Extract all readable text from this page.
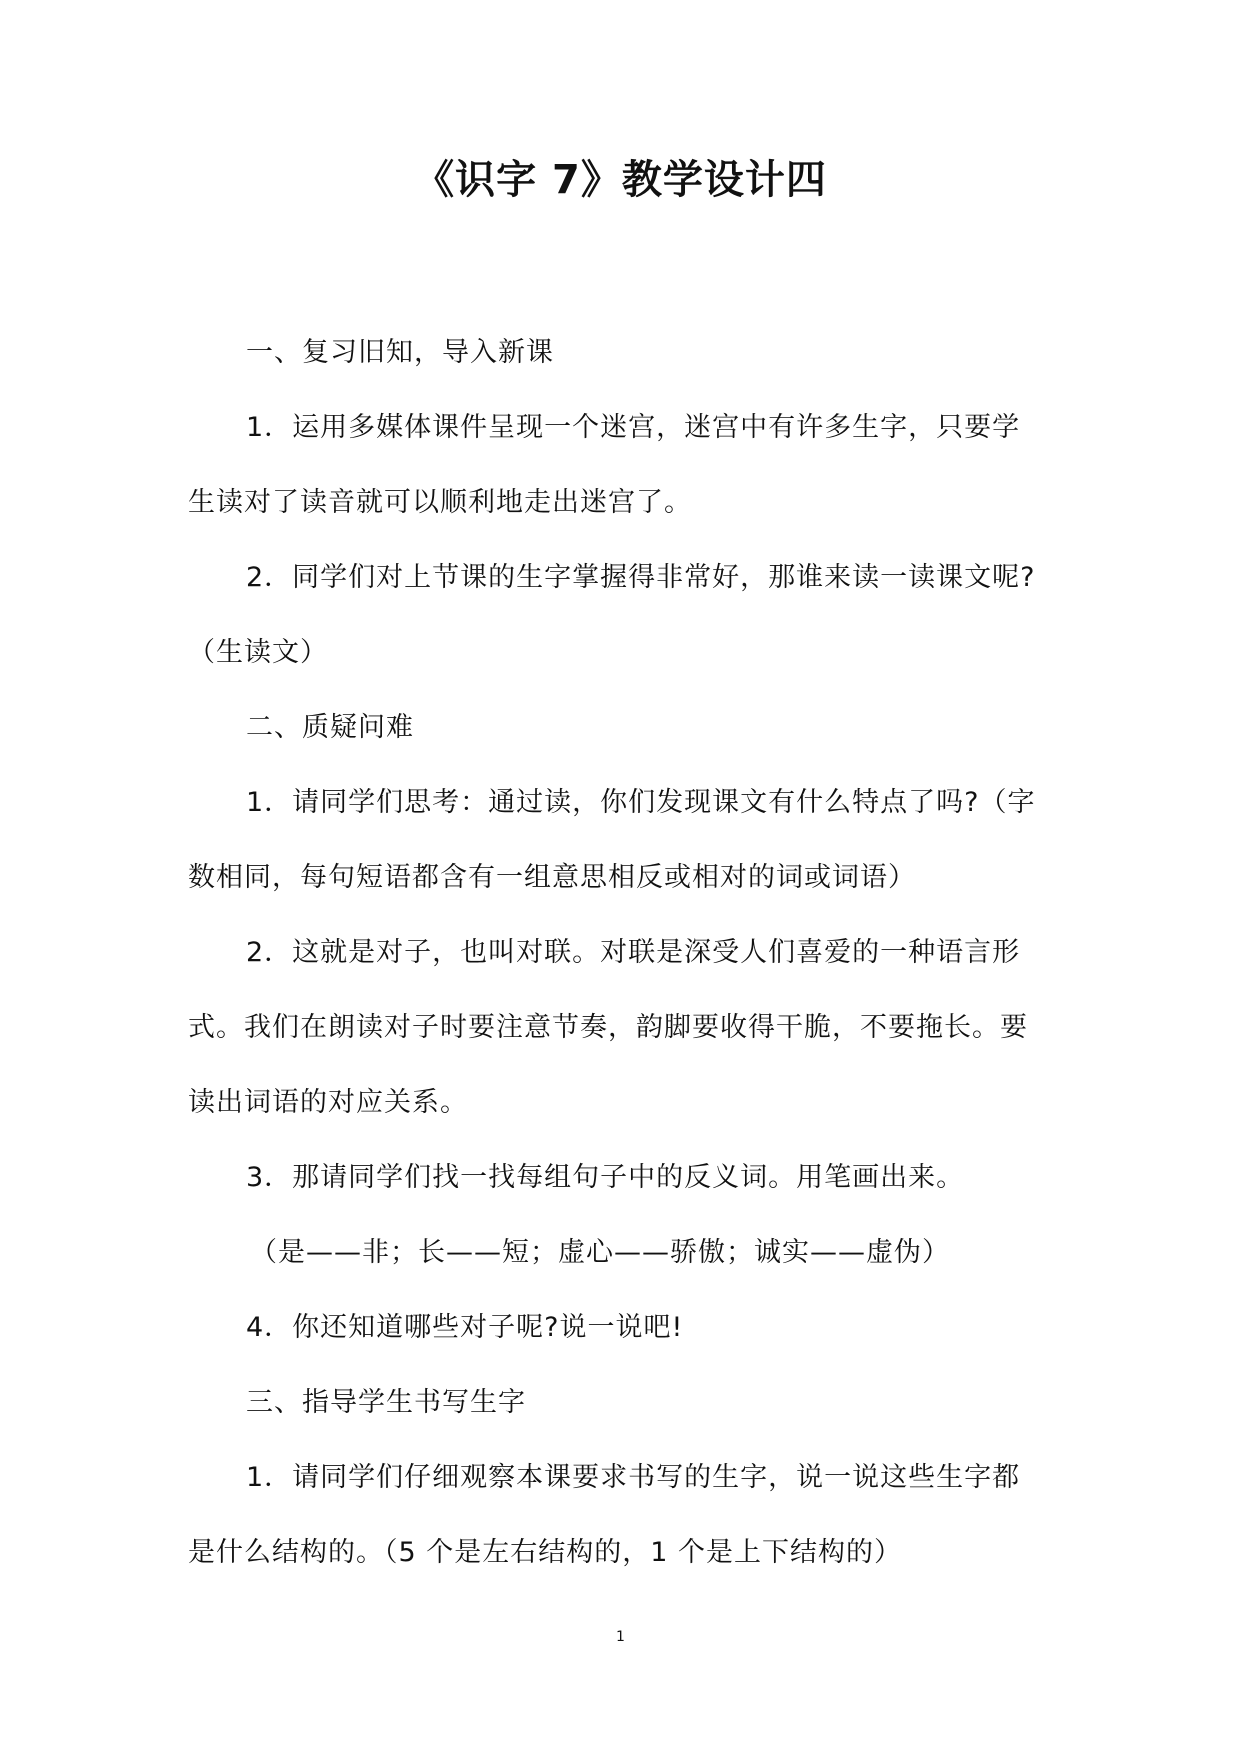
《识字 7》教学设计四
一、复习旧知，导入新课
1．运用多媒体课件呈现一个迷宫，迷宫中有许多生字，只要学
生读对了读音就可以顺利地走出迷宫了。
2．同学们对上节课的生字掌握得非常好，那谁来读一读课文呢?
（生读文）
二、质疑问难
1．请同学们思考：通过读，你们发现课文有什么特点了吗?（字
数相同，每句短语都含有一组意思相反或相对的词或词语）
2．这就是对子，也叫对联。对联是深受人们喜爱的一种语言形
式。我们在朗读对子时要注意节奏，韵脚要收得干脆，不要拖长。要
读出词语的对应关系。
3．那请同学们找一找每组句子中的反义词。用笔画出来。
（是——非；长——短；虚心——骄傲；诚实——虚伪）
4．你还知道哪些对子呢?说一说吧!
三、指导学生书写生字
1．请同学们仔细观察本课要求书写的生字，说一说这些生字都
是什么结构的。（5 个是左右结构的，1 个是上下结构的）
1
